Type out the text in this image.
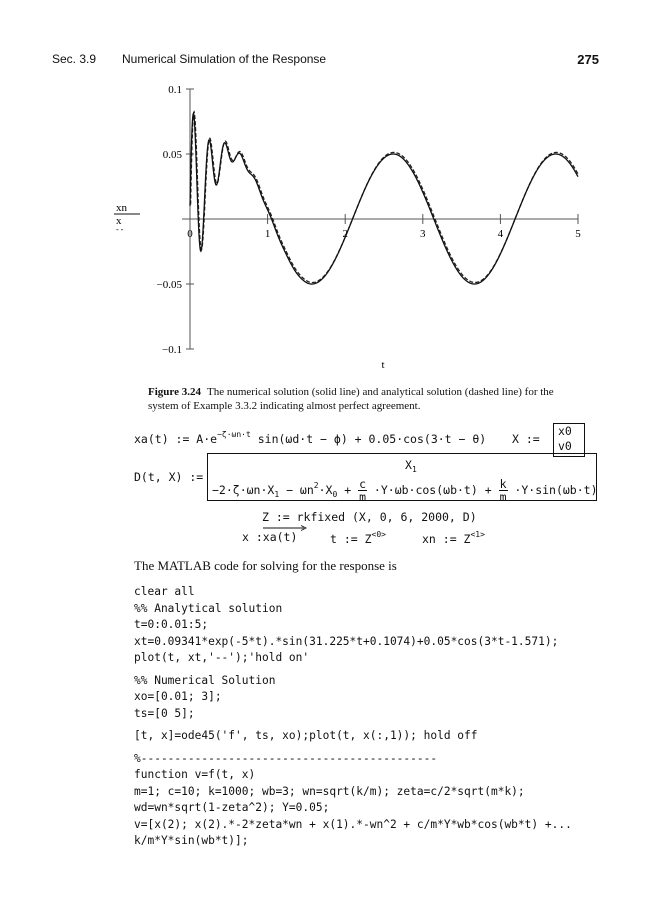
Sec. 3.9 Numerical Simulation of the Response	275
0.1
0.05
−0.05
−0.1
0	1	2	3	4	5
xn
x
- -
t
Figure 3.24 The numerical solution (solid line) and analytical solution (dashed line) for the system of Example 3.3.2 indicating almost perfect agreement.
xa(t) := $A\cdot e^{-\zeta\cdot\omega n\cdot t}$ sin(ωd·t − ϕ) + 0.05·cos(3·t − θ) X :=
x0
v0
D(t, X) :=
$X_1$
$-2\cdot\zeta\cdot\omega n\cdot X_1 - \omega n^2\cdot X_0 + \frac{c}{m} \cdot Y\cdot\omega b\cdot\cos(\omega b\cdot t) + \frac{k}{m} \cdot Y\cdot\sin(\omega b\cdot t)$
Z := rkfixed (X, 0, 6, 2000, D)
x :xa(t)	t := $Z^{<0>}$	xn := $Z^{<1>}$
The MATLAB code for solving for the response is
clear all
%% Analytical solution
t=0:0.01:5;
xt=0.09341*exp(-5*t).*sin(31.225*t+0.1074)+0.05*cos(3*t-1.571);
plot(t, xt,'--');'hold on'

%% Numerical Solution
xo=[0.01; 3];
ts=[0 5];

[t, x]=ode45('f', ts, xo);plot(t, x(:,1)); hold off

%--------------------------------------------
function v=f(t, x)
m=1; c=10; k=1000; wb=3; wn=sqrt(k/m); zeta=c/2*sqrt(m*k);
wd=wn*sqrt(1-zeta^2); Y=0.05;
v=[x(2); x(2).*-2*zeta*wn + x(1).*-wn^2 + c/m*Y*wb*cos(wb*t) +...
k/m*Y*sin(wb*t)];
